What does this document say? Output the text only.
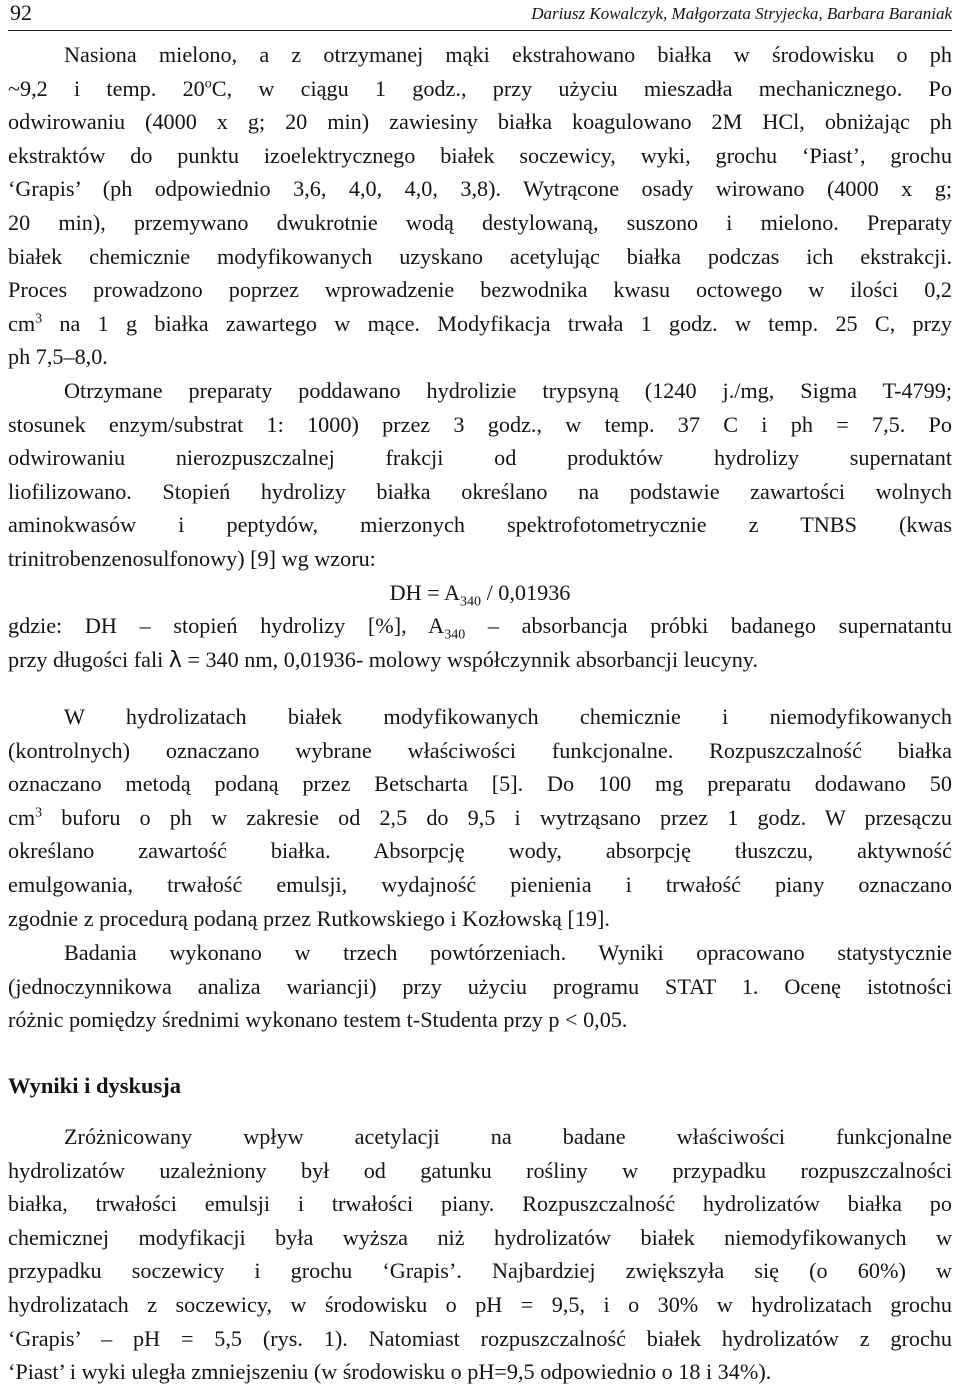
92	Dariusz Kowalczyk, Małgorzata Stryjecka, Barbara Baraniak
Nasiona mielono, a z otrzymanej mąki ekstrahowano białka w środowisku o ph
~9,2 i temp. 20$^o$C, w ciągu 1 godz., przy użyciu mieszadła mechanicznego. Po
odwirowaniu (4000 x g; 20 min) zawiesiny białka koagulowano 2M HCl, obniżając ph
ekstraktów do punktu izoelektrycznego białek soczewicy, wyki, grochu ‘Piast’, grochu
‘Grapis’ (ph odpowiednio 3,6, 4,0, 4,0, 3,8). Wytrącone osady wirowano (4000 x g;
20 min), przemywano dwukrotnie wodą destylowaną, suszono i mielono. Preparaty
białek chemicznie modyfikowanych uzyskano acetylując białka podczas ich ekstrakcji.
Proces prowadzono poprzez wprowadzenie bezwodnika kwasu octowego w ilości 0,2
$cm^3$ na 1 g białka zawartego w mące. Modyfikacja trwała 1 godz. w temp. 25 C, przy
ph 7,5–8,0.
Otrzymane preparaty poddawano hydrolizie trypsyną (1240 j./mg, Sigma T-4799;
stosunek enzym/substrat 1: 1000) przez 3 godz., w temp. 37 C i ph = 7,5. Po
odwirowaniu nierozpuszczalnej frakcji od produktów hydrolizy supernatant
liofilizowano. Stopień hydrolizy białka określano na podstawie zawartości wolnych
aminokwasów i peptydów, mierzonych spektrofotometrycznie z TNBS (kwas
trinitrobenzenosulfonowy) [9] wg wzoru:
DH = $A_{340} / 0,01936$
gdzie: DH – stopień hydrolizy [%], $A_{340}$ – absorbancja próbki badanego supernatantu
przy długości fali λ = 340 nm, 0,01936- molowy współczynnik absorbancji leucyny.
W hydrolizatach białek modyfikowanych chemicznie i niemodyfikowanych
(kontrolnych) oznaczano wybrane właściwości funkcjonalne. Rozpuszczalność białka
oznaczano metodą podaną przez Betscharta [5]. Do 100 mg preparatu dodawano 50
$cm^3$ buforu o ph w zakresie od 2,5 do 9,5 i wytrząsano przez 1 godz. W przesączu
określano zawartość białka. Absorpcję wody, absorpcję tłuszczu, aktywność
emulgowania, trwałość emulsji, wydajność pienienia i trwałość piany oznaczano
zgodnie z procedurą podaną przez Rutkowskiego i Kozłowską [19].
Badania wykonano w trzech powtórzeniach. Wyniki opracowano statystycznie
(jednoczynnikowa analiza wariancji) przy użyciu programu STAT 1. Ocenę istotności
różnic pomiędzy średnimi wykonano testem t-Studenta przy p < 0,05.
Wyniki i dyskusja
Zróżnicowany wpływ acetylacji na badane właściwości funkcjonalne
hydrolizatów uzależniony był od gatunku rośliny w przypadku rozpuszczalności
białka, trwałości emulsji i trwałości piany. Rozpuszczalność hydrolizatów białka po
chemicznej modyfikacji była wyższa niż hydrolizatów białek niemodyfikowanych w
przypadku soczewicy i grochu ‘Grapis’. Najbardziej zwiększyła się (o 60%) w
hydrolizatach z soczewicy, w środowisku o pH = 9,5, i o 30% w hydrolizatach grochu
‘Grapis’ – pH = 5,5 (rys. 1). Natomiast rozpuszczalność białek hydrolizatów z grochu
‘Piast’ i wyki uległa zmniejszeniu (w środowisku o pH=9,5 odpowiednio o 18 i 34%).
